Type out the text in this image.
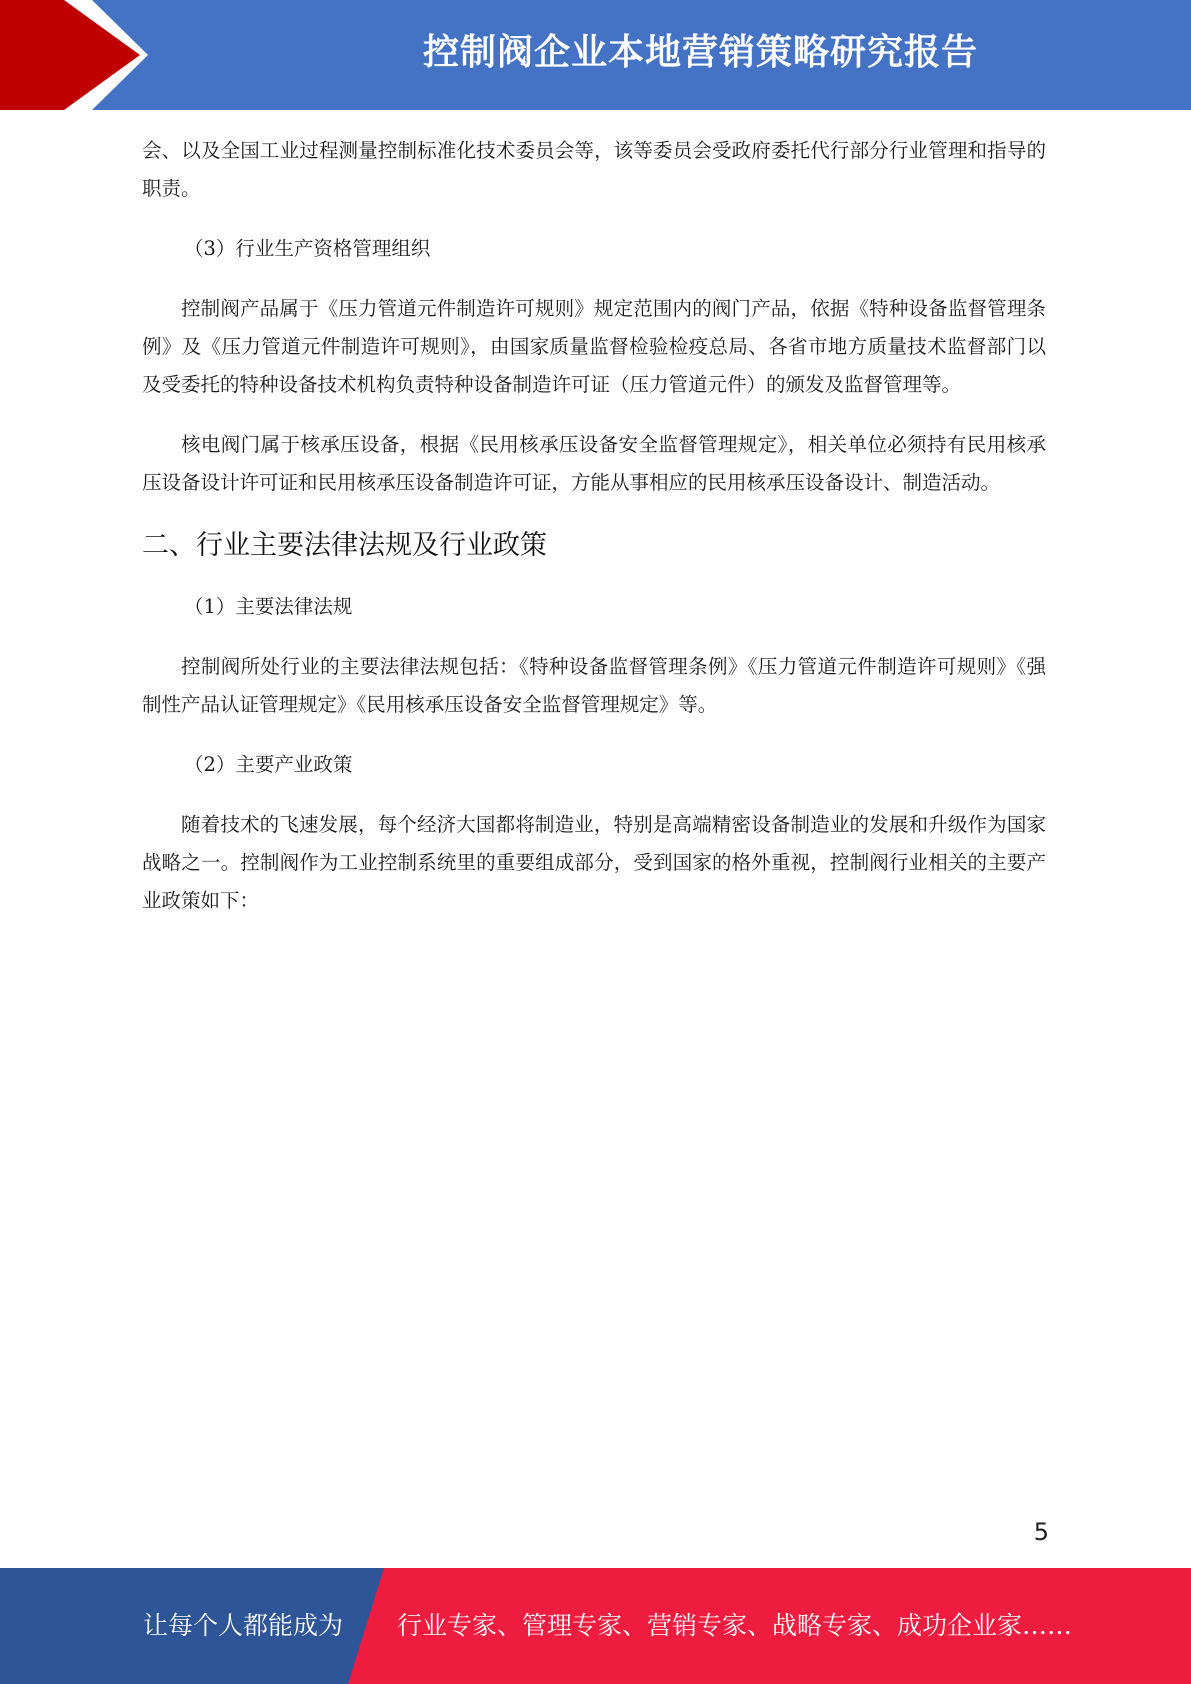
控制阀企业本地营销策略研究报告

会、以及全国工业过程测量控制标准化技术委员会等，该等委员会受政府委托代行部分行业管理和指导的职责。

（3）行业生产资格管理组织

控制阀产品属于《压力管道元件制造许可规则》规定范围内的阀门产品，依据《特种设备监督管理条例》及《压力管道元件制造许可规则》，由国家质量监督检验检疫总局、各省市地方质量技术监督部门以及受委托的特种设备技术机构负责特种设备制造许可证（压力管道元件）的颁发及监督管理等。

核电阀门属于核承压设备，根据《民用核承压设备安全监督管理规定》，相关单位必须持有民用核承压设备设计许可证和民用核承压设备制造许可证，方能从事相应的民用核承压设备设计、制造活动。

二、行业主要法律法规及行业政策
（1）主要法律法规

控制阀所处行业的主要法律法规包括：《特种设备监督管理条例》《压力管道元件制造许可规则》《强制性产品认证管理规定》《民用核承压设备安全监督管理规定》等。

（2）主要产业政策

随着技术的飞速发展，每个经济大国都将制造业，特别是高端精密设备制造业的发展和升级作为国家战略之一。控制阀作为工业控制系统里的重要组成部分，受到国家的格外重视，控制阀行业相关的主要产业政策如下：

5
让每个人都能成为 行业专家、管理专家、营销专家、战略专家、成功企业家……
